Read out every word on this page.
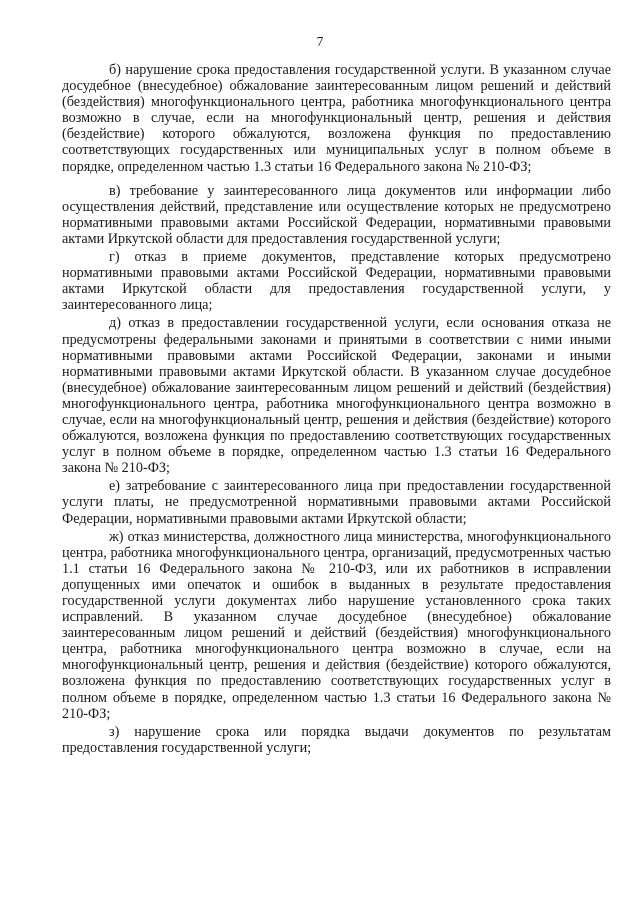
7

б) нарушение срока предоставления государственной услуги. В указанном случае досудебное (внесудебное) обжалование заинтересованным лицом решений и действий (бездействия) многофункционального центра, работника многофункционального центра возможно в случае, если на многофункциональный центр, решения и действия (бездействие) которого обжалуются, возложена функция по предоставлению соответствующих государственных или муниципальных услуг в полном объеме в порядке, определенном частью 1.3 статьи 16 Федерального закона № 210-ФЗ;

в) требование у заинтересованного лица документов или информации либо осуществления действий, представление или осуществление которых не предусмотрено нормативными правовыми актами Российской Федерации, нормативными правовыми актами Иркутской области для предоставления государственной услуги;

г) отказ в приеме документов, представление которых предусмотрено нормативными правовыми актами Российской Федерации, нормативными правовыми актами Иркутской области для предоставления государственной услуги, у заинтересованного лица;

д) отказ в предоставлении государственной услуги, если основания отказа не предусмотрены федеральными законами и принятыми в соответствии с ними иными нормативными правовыми актами Российской Федерации, законами и иными нормативными правовыми актами Иркутской области. В указанном случае досудебное (внесудебное) обжалование заинтересованным лицом решений и действий (бездействия) многофункционального центра, работника многофункционального центра возможно в случае, если на многофункциональный центр, решения и действия (бездействие) которого обжалуются, возложена функция по предоставлению соответствующих государственных услуг в полном объеме в порядке, определенном частью 1.3 статьи 16 Федерального закона № 210-ФЗ;

е) затребование с заинтересованного лица при предоставлении государственной услуги платы, не предусмотренной нормативными правовыми актами Российской Федерации, нормативными правовыми актами Иркутской области;

ж) отказ министерства, должностного лица министерства, многофункционального центра, работника многофункционального центра, организаций, предусмотренных частью 1.1 статьи 16 Федерального закона № 210-ФЗ, или их работников в исправлении допущенных ими опечаток и ошибок в выданных в результате предоставления государственной услуги документах либо нарушение установленного срока таких исправлений. В указанном случае досудебное (внесудебное) обжалование заинтересованным лицом решений и действий (бездействия) многофункционального центра, работника многофункционального центра возможно в случае, если на многофункциональный центр, решения и действия (бездействие) которого обжалуются, возложена функция по предоставлению соответствующих государственных услуг в полном объеме в порядке, определенном частью 1.3 статьи 16 Федерального закона № 210-ФЗ;

з) нарушение срока или порядка выдачи документов по результатам предоставления государственной услуги;
